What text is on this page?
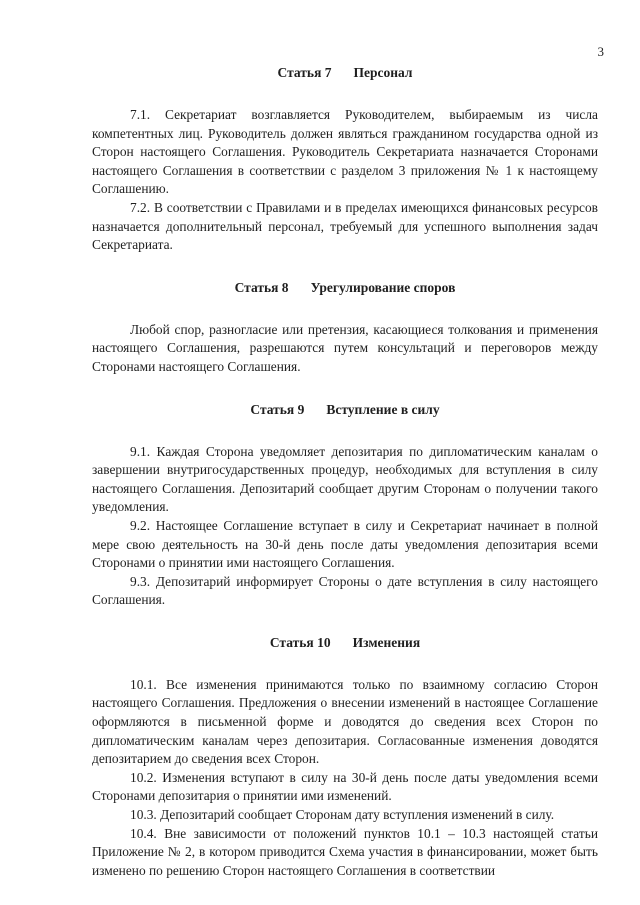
3
Статья 7 Персонал

7.1. Секретариат возглавляется Руководителем, выбираемым из числа компетентных лиц. Руководитель должен являться гражданином государства одной из Сторон настоящего Соглашения. Руководитель Секретариата назначается Сторонами настоящего Соглашения в соответствии с разделом 3 приложения № 1 к настоящему Соглашению.

7.2. В соответствии с Правилами и в пределах имеющихся финансовых ресурсов назначается дополнительный персонал, требуемый для успешного выполнения задач Секретариата.

Статья 8 Урегулирование споров

Любой спор, разногласие или претензия, касающиеся толкования и применения настоящего Соглашения, разрешаются путем консультаций и переговоров между Сторонами настоящего Соглашения.

Статья 9 Вступление в силу

9.1. Каждая Сторона уведомляет депозитария по дипломатическим каналам о завершении внутригосударственных процедур, необходимых для вступления в силу настоящего Соглашения. Депозитарий сообщает другим Сторонам о получении такого уведомления.

9.2. Настоящее Соглашение вступает в силу и Секретариат начинает в полной мере свою деятельность на 30-й день после даты уведомления депозитария всеми Сторонами о принятии ими настоящего Соглашения.

9.3. Депозитарий информирует Стороны о дате вступления в силу настоящего Соглашения.

Статья 10 Изменения

10.1. Все изменения принимаются только по взаимному согласию Сторон настоящего Соглашения. Предложения о внесении изменений в настоящее Соглашение оформляются в письменной форме и доводятся до сведения всех Сторон по дипломатическим каналам через депозитария. Согласованные изменения доводятся депозитарием до сведения всех Сторон.

10.2. Изменения вступают в силу на 30-й день после даты уведомления всеми Сторонами депозитария о принятии ими изменений.

10.3. Депозитарий сообщает Сторонам дату вступления изменений в силу.

10.4. Вне зависимости от положений пунктов 10.1 – 10.3 настоящей статьи Приложение № 2, в котором приводится Схема участия в финансировании, может быть изменено по решению Сторон настоящего Соглашения в соответствии
